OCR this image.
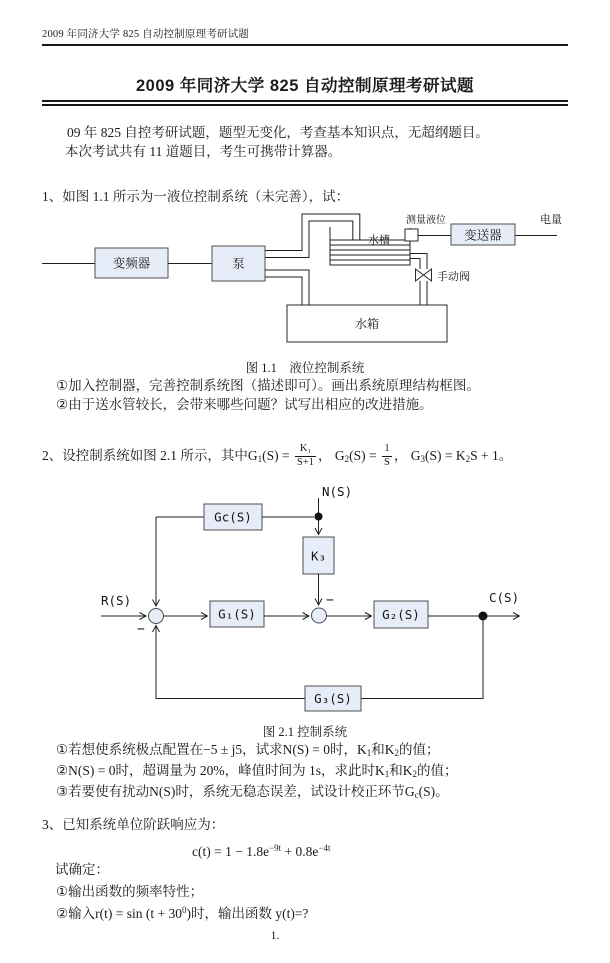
2009 年同济大学 825 自动控制原理考研试题
2009 年同济大学 825 自动控制原理考研试题
09 年 825 自控考研试题，题型无变化，考查基本知识点，无超纲题目。
本次考试共有 11 道题目，考生可携带计算器。
1、如图 1.1 所示为一液位控制系统（未完善），试：
变频器	泵
水槽
测量液位
变送器
电量
手动阀
水箱
图 1.1　液位控制系统
①加入控制器，完善控制系统图（描述即可）。画出系统原理结构框图。
②由于送水管较长，会带来哪些问题？试写出相应的改进措施。
2、设控制系统如图 2.1 所示，其中$G_1(S) = \frac{\text{K₁}}{S+1}$ ， $G_2(S) = \frac{1}{S}$ ， $G_3(S) = K_2S + 1$。
N(S)
Gc(S)
K₃
−
R(S)
−
G₁(S)	G₂(S)
C(S)
G₃(S)
图 2.1 控制系统
①若想使系统极点配置在−5 ± j5，试求N(S) = 0时，$K_1$和$K_2$的值；
②N(S) = 0时，超调量为 20%，峰值时间为 1s，求此时$K_1$和$K_2$的值；
③若要使有扰动N(S)时，系统无稳态误差，试设计校正环节$G_c(S)$。
3、已知系统单位阶跃响应为：
$c(t) = 1 - 1.8e^{-9t} + 0.8e^{-4t}$
试确定：
①输出函数的频率特性；
②输入$r(t) = \sin (t + 30^0)$时，输出函数 y(t)=?
1.
